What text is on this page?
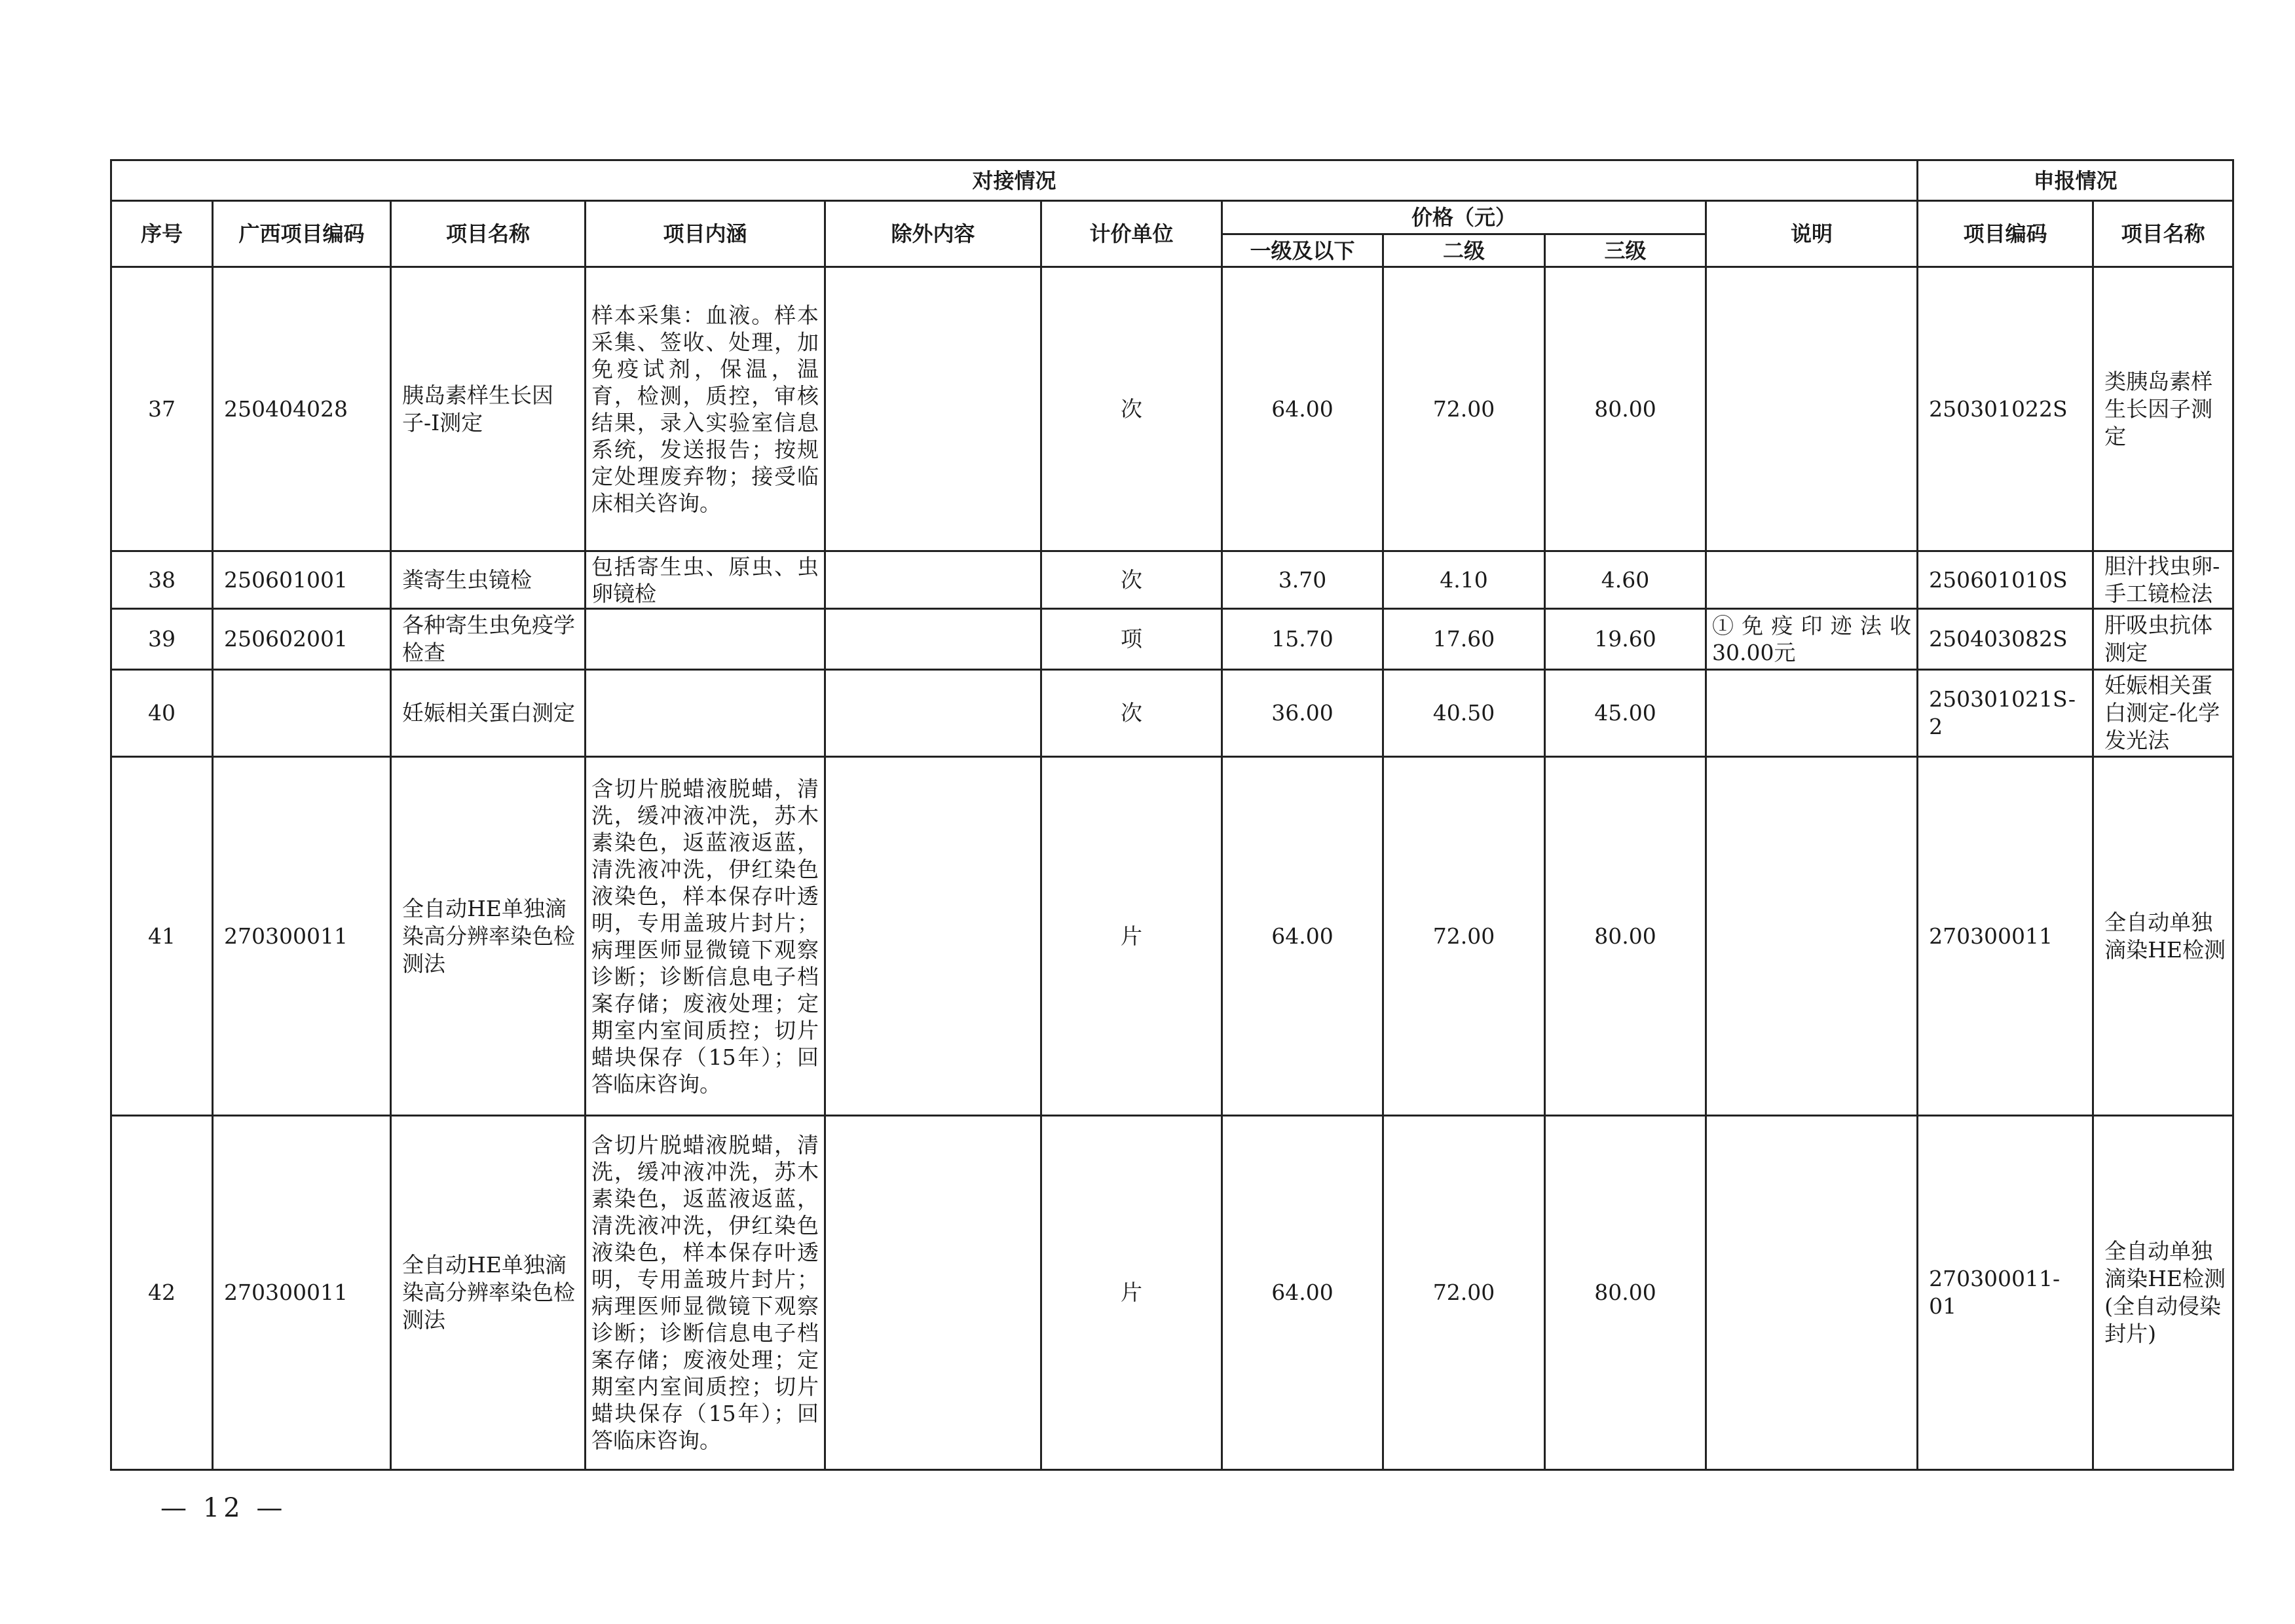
对接情况										申报情况	
序号	广西项目编码	项目名称	项目内涵	除外内容	计价单位	价格（元）			说明	项目编码	项目名称
						一级及以下	二级	三级			
37	250404028	胰岛素样生长因子-Ⅰ测定	样本采集：血液。样本采集、签收、处理，加免疫试剂，保温，温育，检测，质控，审核结果，录入实验室信息系统，发送报告；按规定处理废弃物；接受临床相关咨询。		次	64.00	72.00	80.00		250301022S	类胰岛素样生长因子测定
38	250601001	粪寄生虫镜检	包括寄生虫、原虫、虫卵镜检		次	3.70	4.10	4.60		250601010S	胆汁找虫卵-手工镜检法
39	250602001	各种寄生虫免疫学检查			项	15.70	17.60	19.60	①免疫印迹法收30.00元	250403082S	肝吸虫抗体测定
40		妊娠相关蛋白测定			次	36.00	40.50	45.00		250301021S-2	妊娠相关蛋白测定-化学发光法
41	270300011	全自动HE单独滴染高分辨率染色检测法	含切片脱蜡液脱蜡，清洗，缓冲液冲洗，苏木素染色，返蓝液返蓝，清洗液冲洗，伊红染色液染色，样本保存叶透明，专用盖玻片封片；病理医师显微镜下观察诊断；诊断信息电子档案存储；废液处理；定期室内室间质控；切片蜡块保存（15年）；回答临床咨询。		片	64.00	72.00	80.00		270300011	全自动单独滴染HE检测
42	270300011	全自动HE单独滴染高分辨率染色检测法	含切片脱蜡液脱蜡，清洗，缓冲液冲洗，苏木素染色，返蓝液返蓝，清洗液冲洗，伊红染色液染色，样本保存叶透明，专用盖玻片封片；病理医师显微镜下观察诊断；诊断信息电子档案存储；废液处理；定期室内室间质控；切片蜡块保存（15年）；回答临床咨询。		片	64.00	72.00	80.00		270300011-01	全自动单独滴染HE检测(全自动侵染封片)
— 12 —
